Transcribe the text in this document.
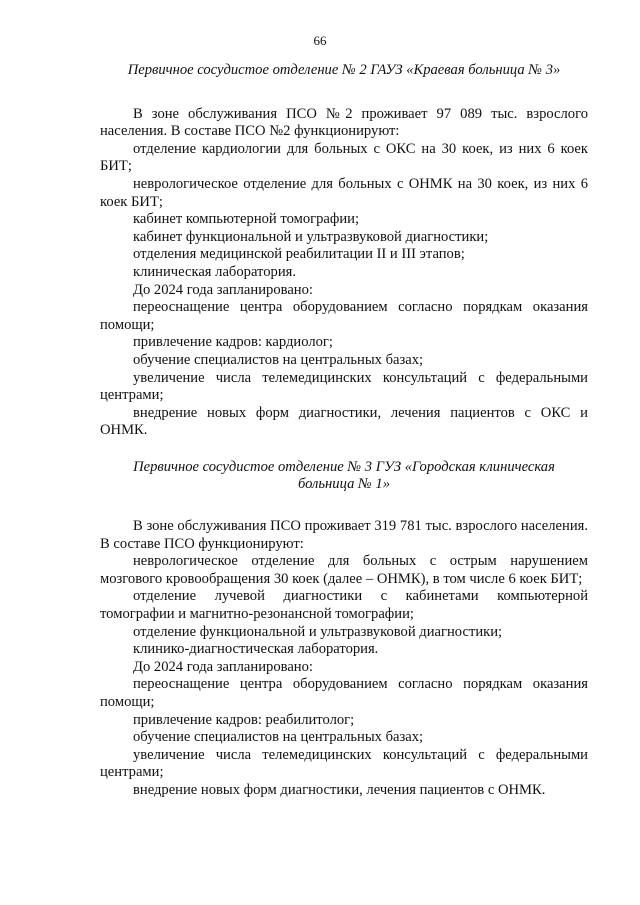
66

Первичное сосудистое отделение № 2 ГАУЗ «Краевая больница № 3»

В зоне обслуживания ПСО №2 проживает 97 089 тыс. взрослого населения. В составе ПСО №2 функционируют:

отделение кардиологии для больных с ОКС на 30 коек, из них 6 коек БИТ;

неврологическое отделение для больных с ОНМК на 30 коек, из них 6 коек БИТ;

кабинет компьютерной томографии;

кабинет функциональной и ультразвуковой диагностики;

отделения медицинской реабилитации II и III этапов;

клиническая лаборатория.

До 2024 года запланировано:

переоснащение центра оборудованием согласно порядкам оказания помощи;

привлечение кадров: кардиолог;

обучение специалистов на центральных базах;

увеличение числа телемедицинских консультаций с федеральными центрами;

внедрение новых форм диагностики, лечения пациентов с ОКС и ОНМК.

Первичное сосудистое отделение № 3 ГУЗ «Городская клиническая больница № 1»

В зоне обслуживания ПСО проживает 319 781 тыс. взрослого населения. В составе ПСО функционируют:

неврологическое отделение для больных с острым нарушением мозгового кровообращения 30 коек (далее – ОНМК), в том числе 6 коек БИТ;

отделение лучевой диагностики с кабинетами компьютерной томографии и магнитно-резонансной томографии;

отделение функциональной и ультразвуковой диагностики;

клинико-диагностическая лаборатория.

До 2024 года запланировано:

переоснащение центра оборудованием согласно порядкам оказания помощи;

привлечение кадров: реабилитолог;

обучение специалистов на центральных базах;

увеличение числа телемедицинских консультаций с федеральными центрами;

внедрение новых форм диагностики, лечения пациентов с ОНМК.
